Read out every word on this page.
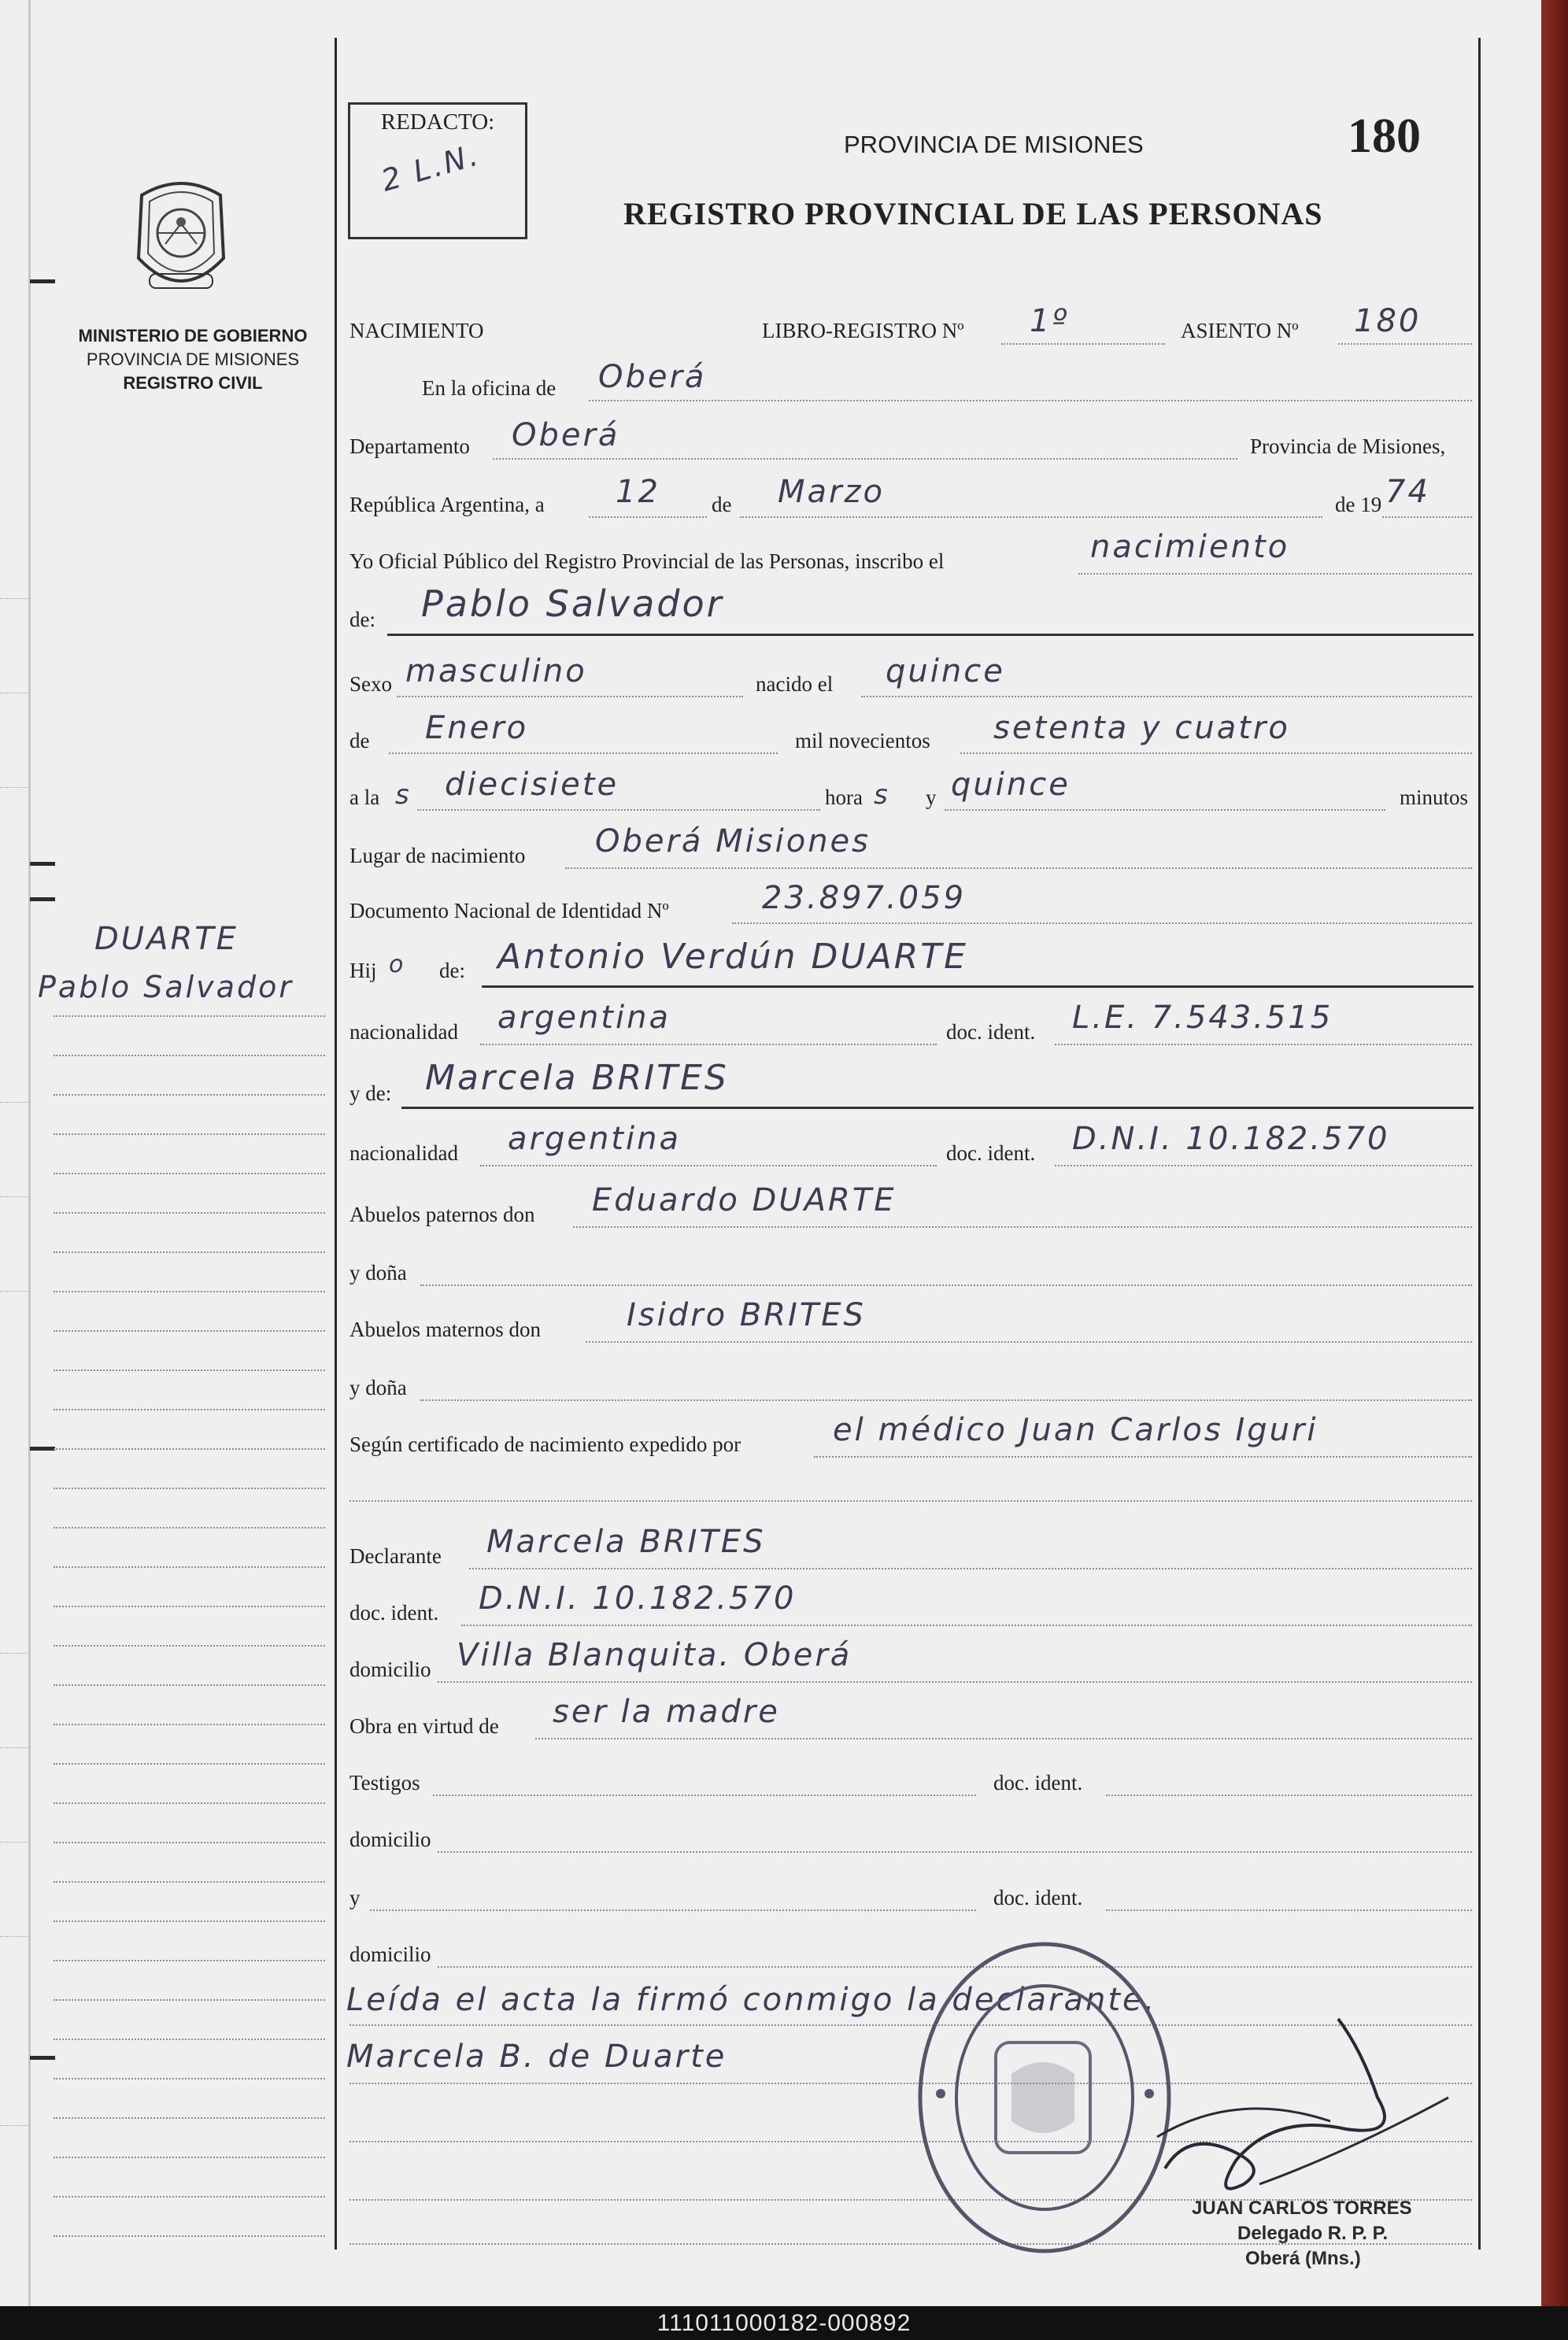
MINISTERIO DE GOBIERNO
PROVINCIA DE MISIONES
REGISTRO CIVIL
DUARTE
Pablo Salvador
REDACTO:
2 L.N.	PROVINCIA DE MISIONES	180
REGISTRO PROVINCIAL DE LAS PERSONAS
NACIMIENTO	LIBRO-REGISTRO Nº 1º	ASIENTO Nº 180
En la oficina de Oberá
Departamento Oberá	Provincia de Misiones,
República Argentina, a 12 de Marzo	de 19 74
Yo Oficial Público del Registro Provincial de las Personas, inscribo el	nacimiento
de: Pablo Salvador
Sexo masculino	nacido el quince
de Enero	mil novecientos setenta y cuatro
a la s diecisiete	hora s y quince	minutos
Lugar de nacimiento Oberá Misiones
Documento Nacional de Identidad Nº	23.897.059
Hij o de: Antonio Verdún DUARTE
nacionalidad argentina	doc. ident. L.E. 7.543.515
y de: Marcela BRITES
nacionalidad argentina	doc. ident. D.N.I. 10.182.570
Abuelos paternos don Eduardo DUARTE
y doña
Abuelos maternos don	Isidro BRITES
y doña
Según certificado de nacimiento expedido por	el médico Juan Carlos Iguri
Declarante Marcela BRITES
doc. ident. D.N.I. 10.182.570
domicilio Villa Blanquita. Oberá
Obra en virtud de ser la madre
Testigos	doc. ident.
domicilio
y	doc. ident.
domicilio
Leída el acta la firmó conmigo la declarante.
Marcela B. de Duarte
JUAN CARLOS TORRES
Delegado R. P. P.
Oberá (Mns.)
111011000182-000892
